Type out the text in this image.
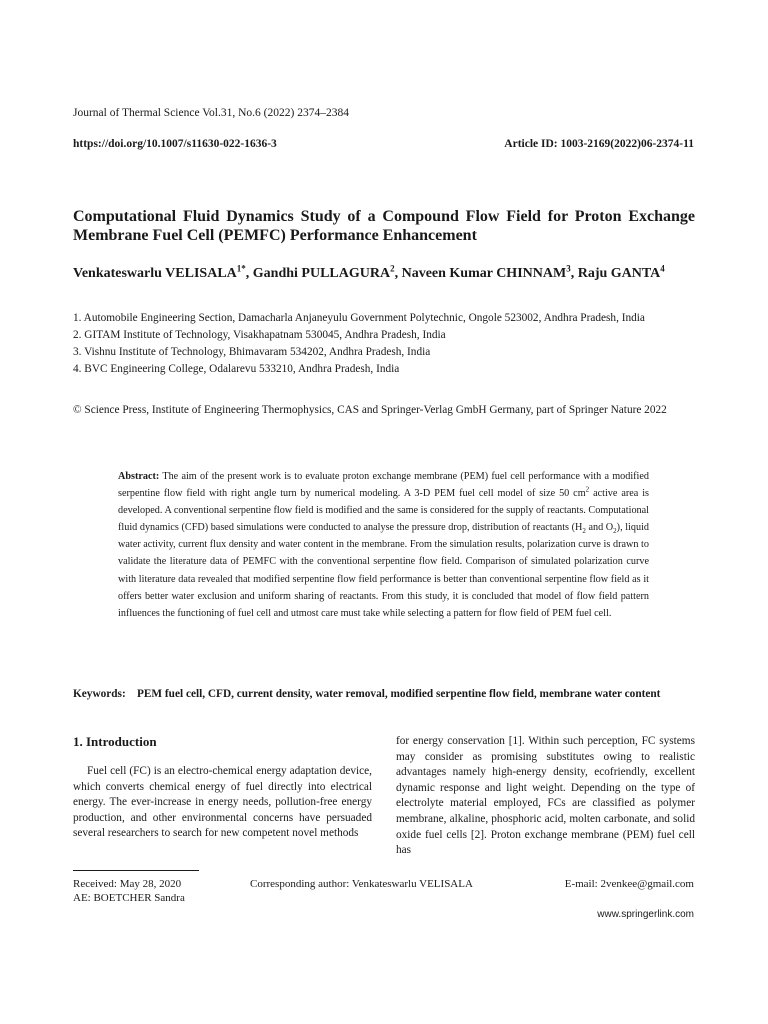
Journal of Thermal Science Vol.31, No.6 (2022) 2374–2384
https://doi.org/10.1007/s11630-022-1636-3	Article ID: 1003-2169(2022)06-2374-11
Computational Fluid Dynamics Study of a Compound Flow Field for Proton Exchange Membrane Fuel Cell (PEMFC) Performance Enhancement
Venkateswarlu $VELISALA^{1*}$, Gandhi PULLAGURA$^2$, Naveen Kumar CHINNAM$^3$, Raju GANTA$^4$
1. Automobile Engineering Section, Damacharla Anjaneyulu Government Polytechnic, Ongole 523002, Andhra Pradesh, India
2. GITAM Institute of Technology, Visakhapatnam 530045, Andhra Pradesh, India
3. Vishnu Institute of Technology, Bhimavaram 534202, Andhra Pradesh, India
4. BVC Engineering College, Odalarevu 533210, Andhra Pradesh, India
© Science Press, Institute of Engineering Thermophysics, CAS and Springer-Verlag GmbH Germany, part of Springer Nature 2022
Abstract: The aim of the present work is to evaluate proton exchange membrane (PEM) fuel cell performance with a modified serpentine flow field with right angle turn by numerical modeling. A 3-D PEM fuel cell model of size 50 $cm^2$ active area is developed. A conventional serpentine flow field is modified and the same is considered for the supply of reactants. Computational fluid dynamics (CFD) based simulations were conducted to analyse the pressure drop, distribution of reactants ($H_2$ and $O_2$), liquid water activity, current flux density and water content in the membrane. From the simulation results, polarization curve is drawn to validate the literature data of PEMFC with the conventional serpentine flow field. Comparison of simulated polarization curve with literature data revealed that modified serpentine flow field performance is better than conventional serpentine flow field as it offers better water exclusion and uniform sharing of reactants. From this study, it is concluded that model of flow field pattern influences the functioning of fuel cell and utmost care must take while selecting a pattern for flow field of PEM fuel cell.
Keywords: PEM fuel cell, CFD, current density, water removal, modified serpentine flow field, membrane water content
1. Introduction
Fuel cell (FC) is an electro-chemical energy adaptation device, which converts chemical energy of fuel directly into electrical energy. The ever-increase in energy needs, pollution-free energy production, and other environmental concerns have persuaded several researchers to search for new competent novel methods
for energy conservation [1]. Within such perception, FC systems may consider as promising substitutes owing to realistic advantages namely high-energy density, ecofriendly, excellent dynamic response and light weight. Depending on the type of electrolyte material employed, FCs are classified as polymer membrane, alkaline, phosphoric acid, molten carbonate, and solid oxide fuel cells [2]. Proton exchange membrane (PEM) fuel cell has
Received: May 28, 2020
AE: BOETCHER Sandra
Corresponding author: Venkateswarlu VELISALA	E-mail: 2venkee@gmail.com
www.springerlink.com
